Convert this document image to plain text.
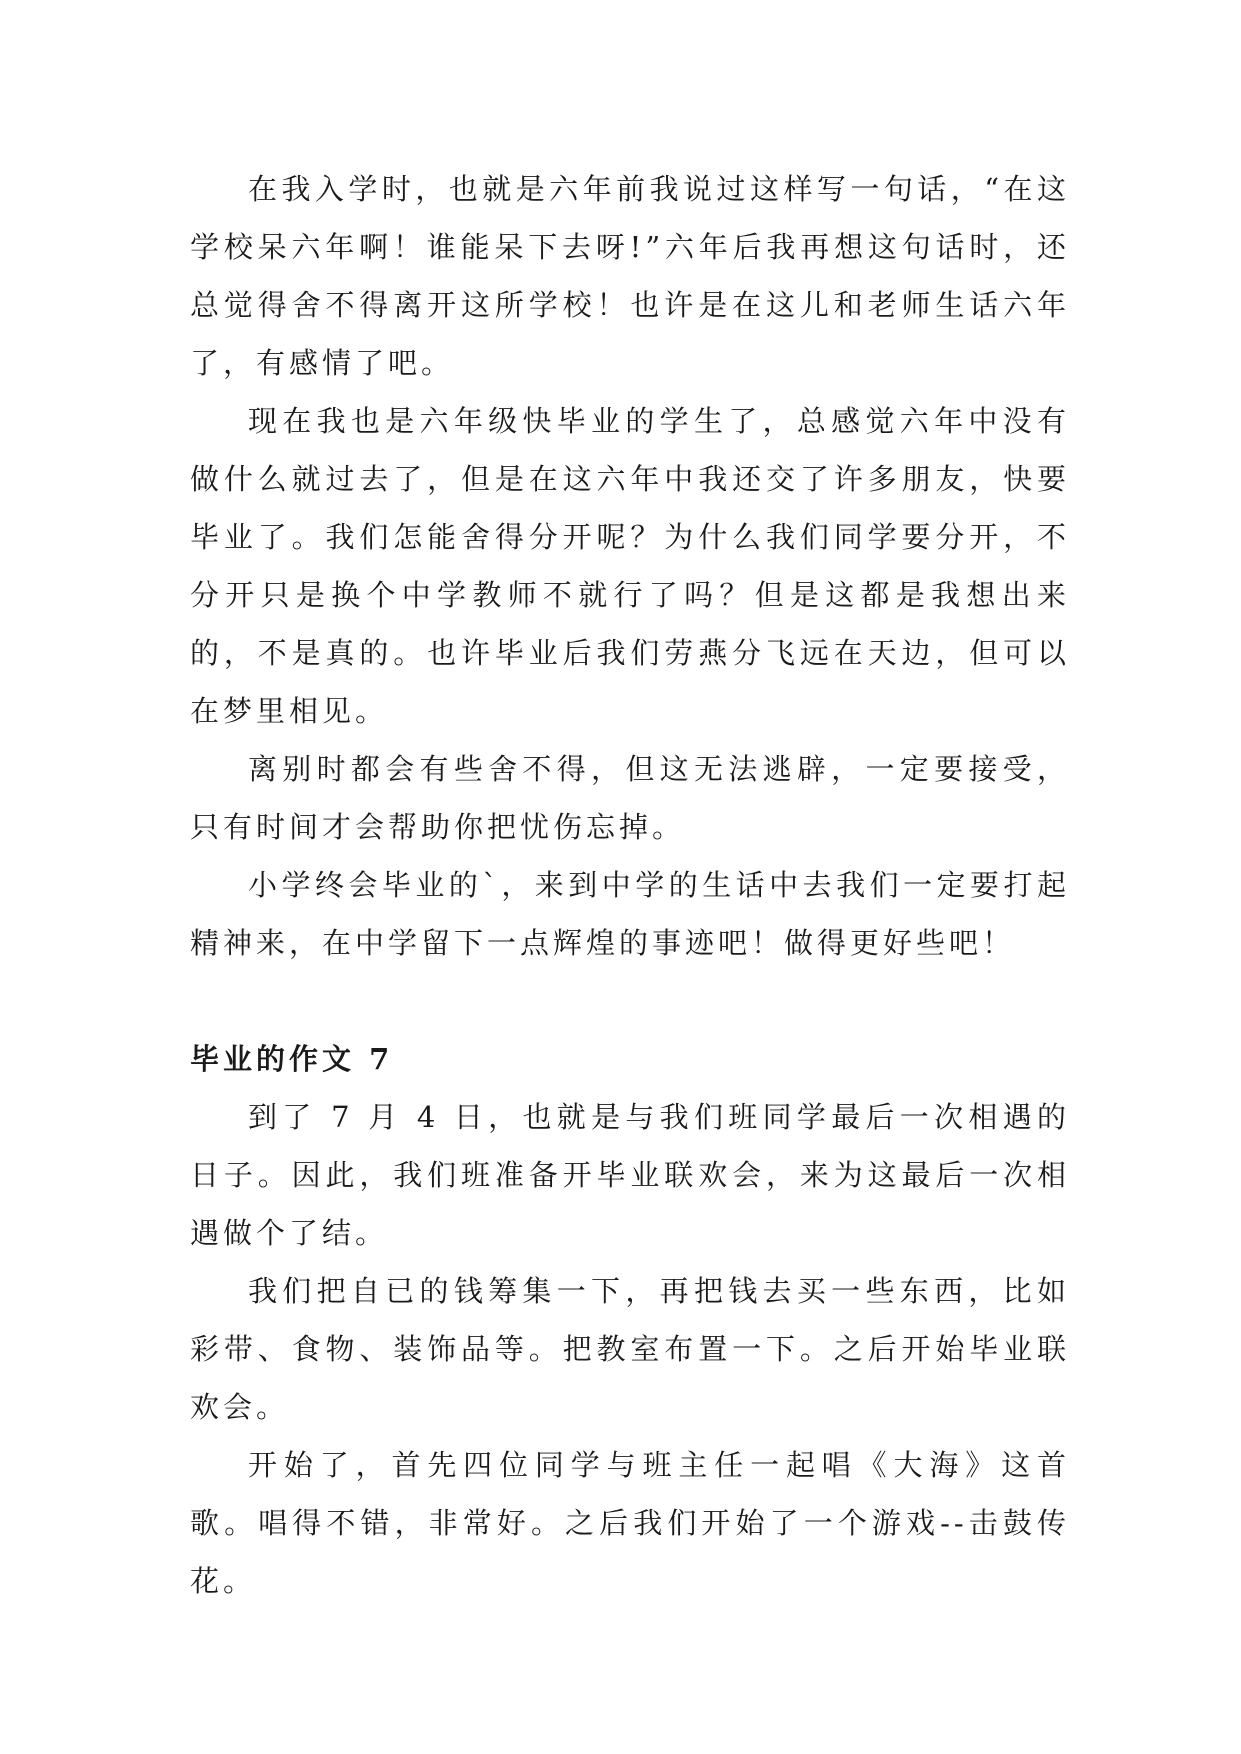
在我入学时，也就是六年前我说过这样写一句话，“在这学校呆六年啊！谁能呆下去呀!”六年后我再想这句话时，还总觉得舍不得离开这所学校！也许是在这儿和老师生话六年了，有感情了吧。

现在我也是六年级快毕业的学生了，总感觉六年中没有做什么就过去了，但是在这六年中我还交了许多朋友，快要毕业了。我们怎能舍得分开呢？为什么我们同学要分开，不分开只是换个中学教师不就行了吗？但是这都是我想出来的，不是真的。也许毕业后我们劳燕分飞远在天边，但可以在梦里相见。

离别时都会有些舍不得，但这无法逃辟，一定要接受，只有时间才会帮助你把忧伤忘掉。

小学终会毕业的`，来到中学的生话中去我们一定要打起精神来，在中学留下一点辉煌的事迹吧！做得更好些吧！

毕业的作文 7

到了 7 月 4 日，也就是与我们班同学最后一次相遇的日子。因此，我们班准备开毕业联欢会，来为这最后一次相遇做个了结。

我们把自已的钱筹集一下，再把钱去买一些东西，比如彩带、食物、装饰品等。把教室布置一下。之后开始毕业联欢会。

开始了，首先四位同学与班主任一起唱《大海》这首歌。唱得不错，非常好。之后我们开始了一个游戏--击鼓传花。
